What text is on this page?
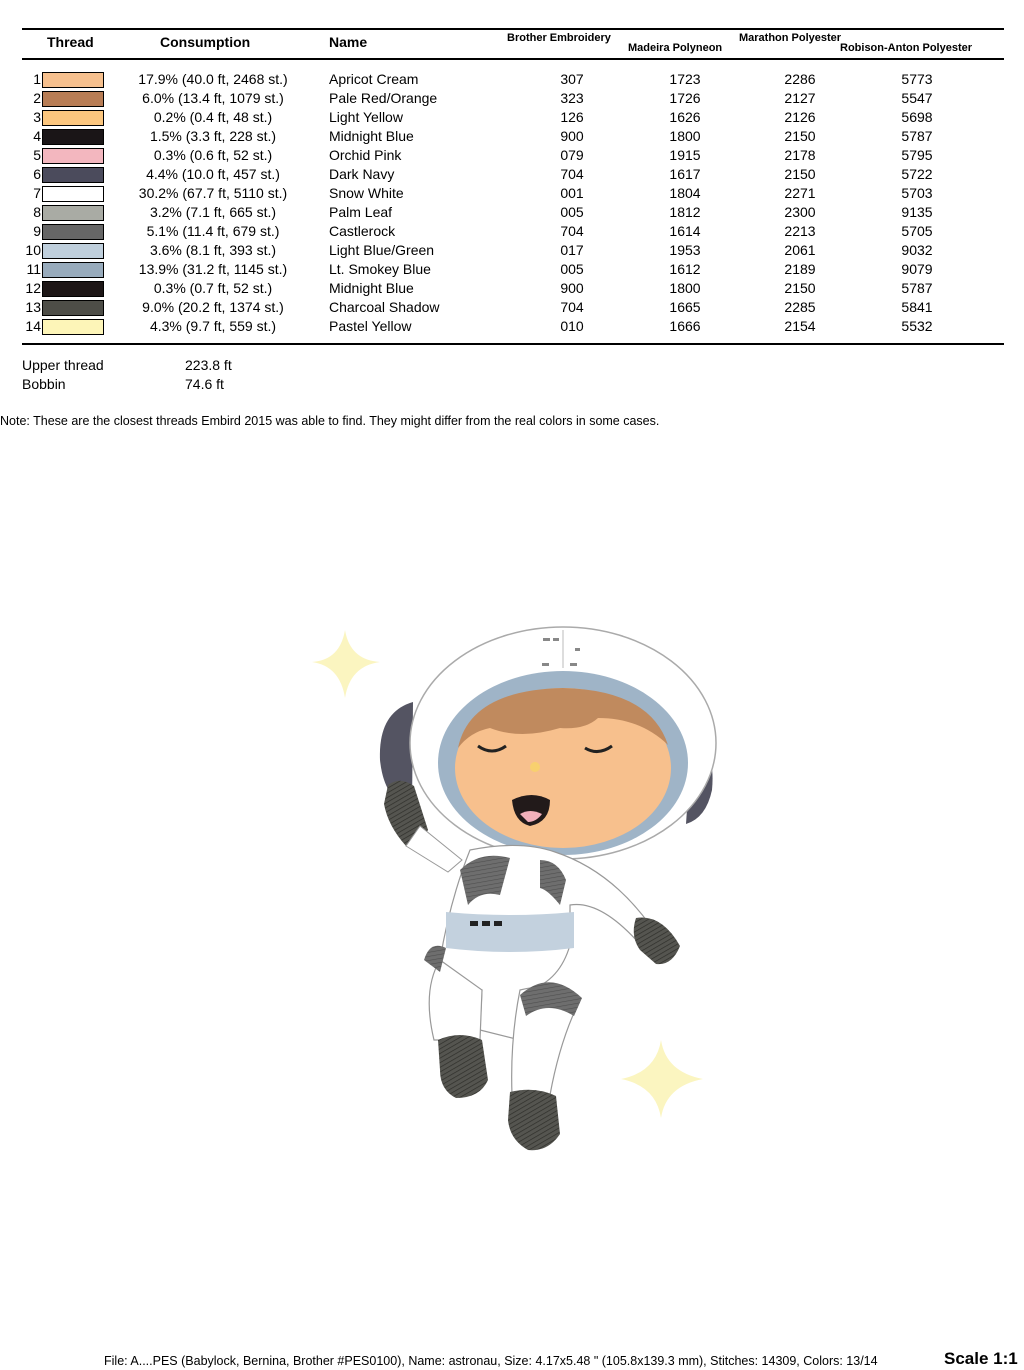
Thread	Consumption	Name	Brother Embroidery
Madeira Polyneon
Marathon Polyester
Robison-Anton Polyester
1	17.9% (40.0 ft, 2468 st.)	Apricot Cream	307	1723	2286	5773
2	6.0% (13.4 ft, 1079 st.)	Pale Red/Orange	323	1726	2127	5547
3	0.2% (0.4 ft, 48 st.)	Light Yellow	126	1626	2126	5698
4	1.5% (3.3 ft, 228 st.)	Midnight Blue	900	1800	2150	5787
5	0.3% (0.6 ft, 52 st.)	Orchid Pink	079	1915	2178	5795
6	4.4% (10.0 ft, 457 st.)	Dark Navy	704	1617	2150	5722
7	30.2% (67.7 ft, 5110 st.)	Snow White	001	1804	2271	5703
8	3.2% (7.1 ft, 665 st.)	Palm Leaf	005	1812	2300	9135
9	5.1% (11.4 ft, 679 st.)	Castlerock	704	1614	2213	5705
10	3.6% (8.1 ft, 393 st.)	Light Blue/Green	017	1953	2061	9032
11	13.9% (31.2 ft, 1145 st.)	Lt. Smokey Blue	005	1612	2189	9079
12	0.3% (0.7 ft, 52 st.)	Midnight Blue	900	1800	2150	5787
13	9.0% (20.2 ft, 1374 st.)	Charcoal Shadow	704	1665	2285	5841
14	4.3% (9.7 ft, 559 st.)	Pastel Yellow	010	1666	2154	5532
Upper thread	223.8 ft
Bobbin	74.6 ft
Note: These are the closest threads Embird 2015 was able to find. They might differ from the real colors in some cases.
File: A....PES (Babylock, Bernina, Brother #PES0100), Name: astronau, Size: 4.17x5.48 " (105.8x139.3 mm), Stitches: 14309, Colors: 13/14	Scale 1:1
